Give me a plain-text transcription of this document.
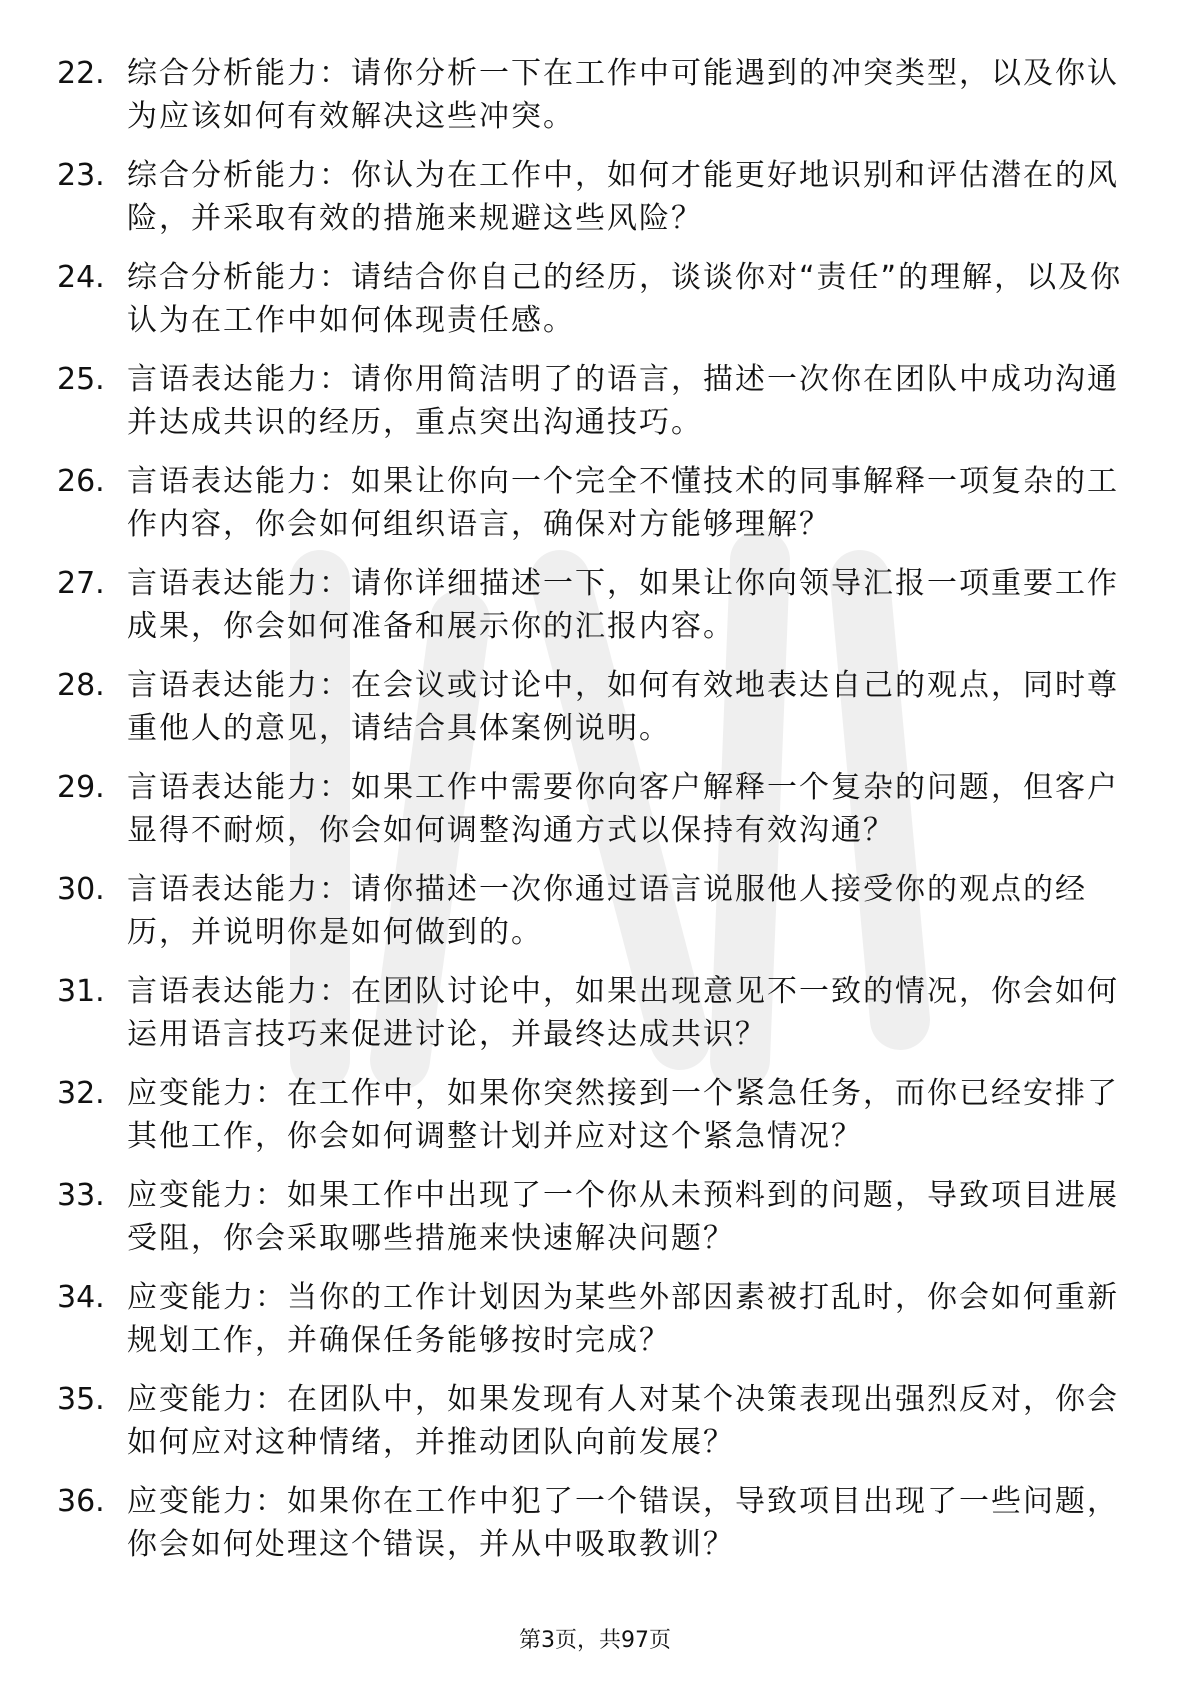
22. 综合分析能力：请你分析一下在工作中可能遇到的冲突类型，以及你认为应该如何有效解决这些冲突。
23. 综合分析能力：你认为在工作中，如何才能更好地识别和评估潜在的风险，并采取有效的措施来规避这些风险？
24. 综合分析能力：请结合你自己的经历，谈谈你对“责任”的理解，以及你认为在工作中如何体现责任感。
25. 言语表达能力：请你用简洁明了的语言，描述一次你在团队中成功沟通并达成共识的经历，重点突出沟通技巧。
26. 言语表达能力：如果让你向一个完全不懂技术的同事解释一项复杂的工作内容，你会如何组织语言，确保对方能够理解？
27. 言语表达能力：请你详细描述一下，如果让你向领导汇报一项重要工作成果，你会如何准备和展示你的汇报内容。
28. 言语表达能力：在会议或讨论中，如何有效地表达自己的观点，同时尊重他人的意见，请结合具体案例说明。
29. 言语表达能力：如果工作中需要你向客户解释一个复杂的问题，但客户显得不耐烦，你会如何调整沟通方式以保持有效沟通？
30. 言语表达能力：请你描述一次你通过语言说服他人接受你的观点的经历，并说明你是如何做到的。
31. 言语表达能力：在团队讨论中，如果出现意见不一致的情况，你会如何运用语言技巧来促进讨论，并最终达成共识？
32. 应变能力：在工作中，如果你突然接到一个紧急任务，而你已经安排了其他工作，你会如何调整计划并应对这个紧急情况？
33. 应变能力：如果工作中出现了一个你从未预料到的问题，导致项目进展受阻，你会采取哪些措施来快速解决问题？
34. 应变能力：当你的工作计划因为某些外部因素被打乱时，你会如何重新规划工作，并确保任务能够按时完成？
35. 应变能力：在团队中，如果发现有人对某个决策表现出强烈反对，你会如何应对这种情绪，并推动团队向前发展？
36. 应变能力：如果你在工作中犯了一个错误，导致项目出现了一些问题，你会如何处理这个错误，并从中吸取教训？
第3页，共97页
